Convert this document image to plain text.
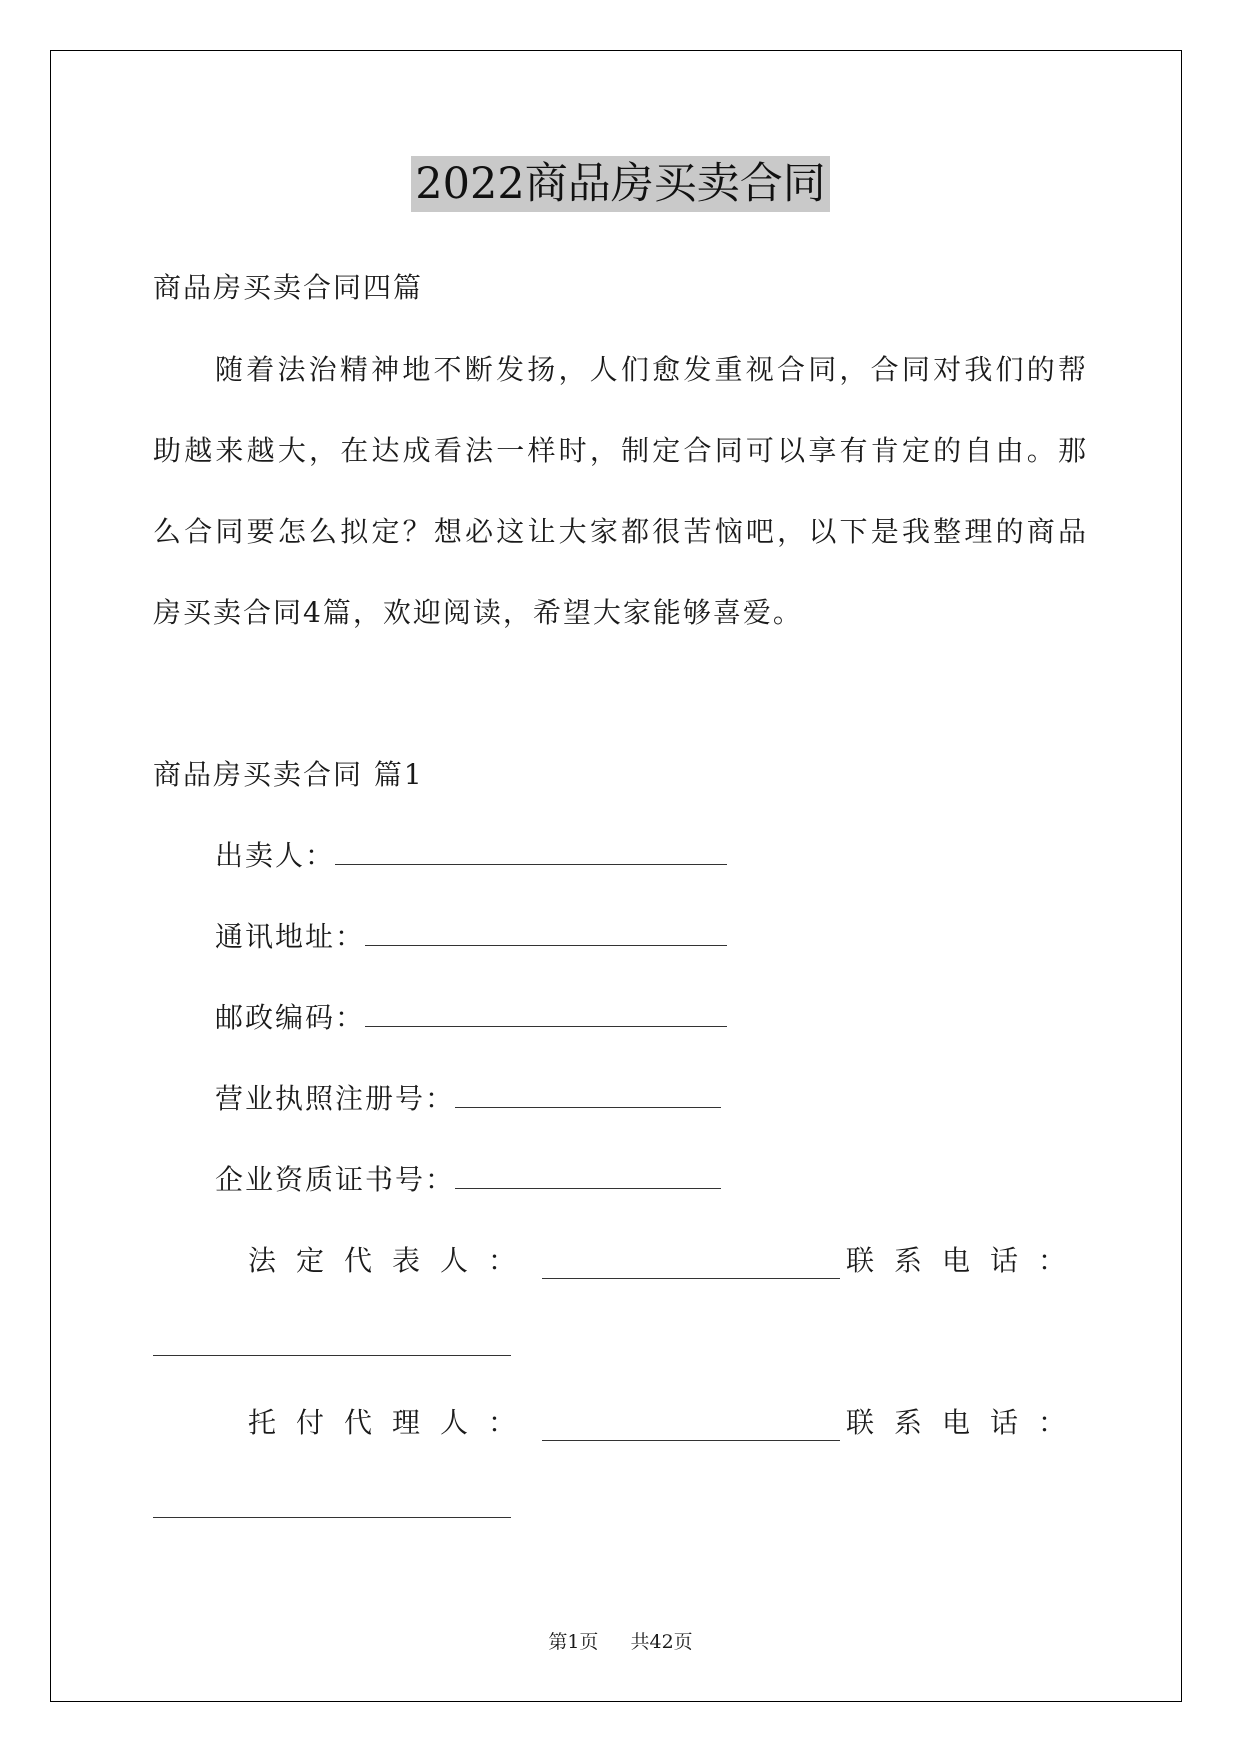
2022商品房买卖合同
商品房买卖合同四篇
随着法治精神地不断发扬，人们愈发重视合同，合同对我们的帮
助越来越大，在达成看法一样时，制定合同可以享有肯定的自由。那
么合同要怎么拟定？想必这让大家都很苦恼吧，以下是我整理的商品
房买卖合同4篇，欢迎阅读，希望大家能够喜爱。
商品房买卖合同 篇1
出卖人：
通讯地址：
邮政编码：
营业执照注册号：
企业资质证书号：
法定代表人：	联系电话：
托付代理人：	联系电话：
第1页 共42页
